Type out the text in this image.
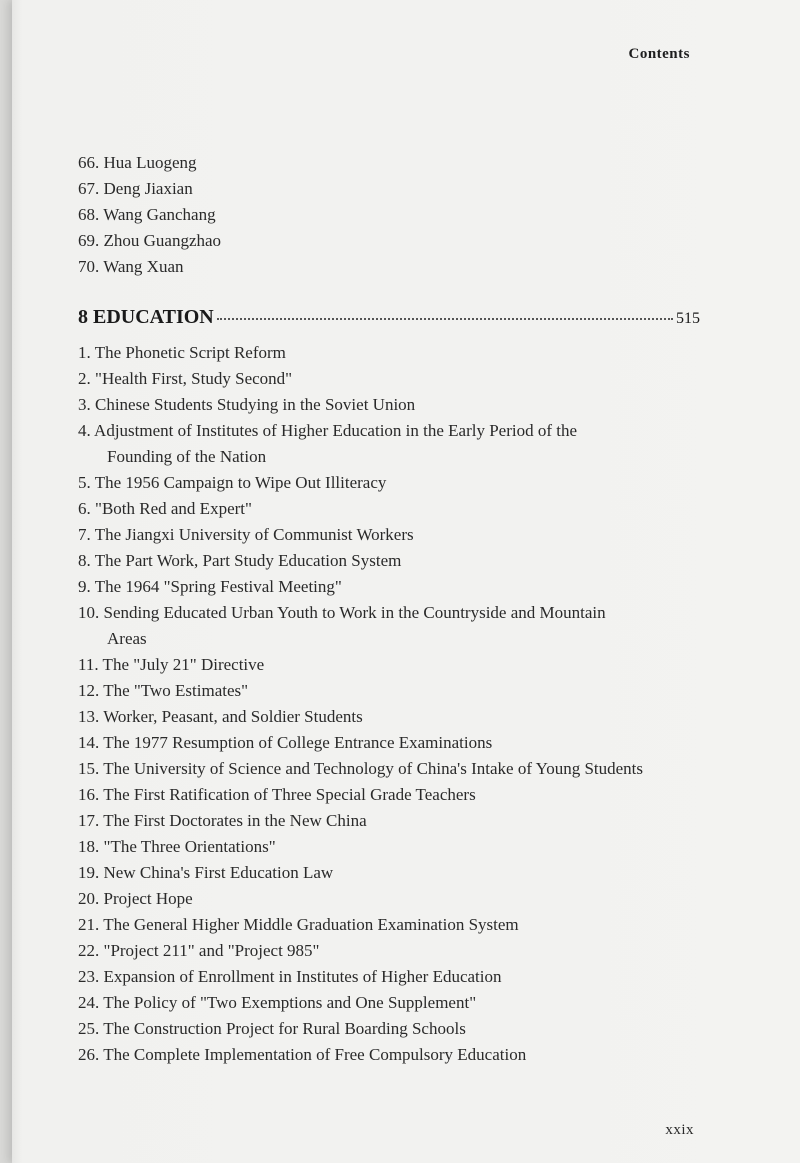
Contents
66. Hua Luogeng
67. Deng Jiaxian
68. Wang Ganchang
69. Zhou Guangzhao
70. Wang Xuan
8 EDUCATION	515
1. The Phonetic Script Reform
2. "Health First, Study Second"
3. Chinese Students Studying in the Soviet Union
4. Adjustment of Institutes of Higher Education in the Early Period of the
Founding of the Nation
5. The 1956 Campaign to Wipe Out Illiteracy
6. "Both Red and Expert"
7. The Jiangxi University of Communist Workers
8. The Part Work, Part Study Education System
9. The 1964 "Spring Festival Meeting"
10. Sending Educated Urban Youth to Work in the Countryside and Mountain
Areas
11. The "July 21" Directive
12. The "Two Estimates"
13. Worker, Peasant, and Soldier Students
14. The 1977 Resumption of College Entrance Examinations
15. The University of Science and Technology of China's Intake of Young Students
16. The First Ratification of Three Special Grade Teachers
17. The First Doctorates in the New China
18. "The Three Orientations"
19. New China's First Education Law
20. Project Hope
21. The General Higher Middle Graduation Examination System
22. "Project 211" and "Project 985"
23. Expansion of Enrollment in Institutes of Higher Education
24. The Policy of "Two Exemptions and One Supplement"
25. The Construction Project for Rural Boarding Schools
26. The Complete Implementation of Free Compulsory Education
xxix
